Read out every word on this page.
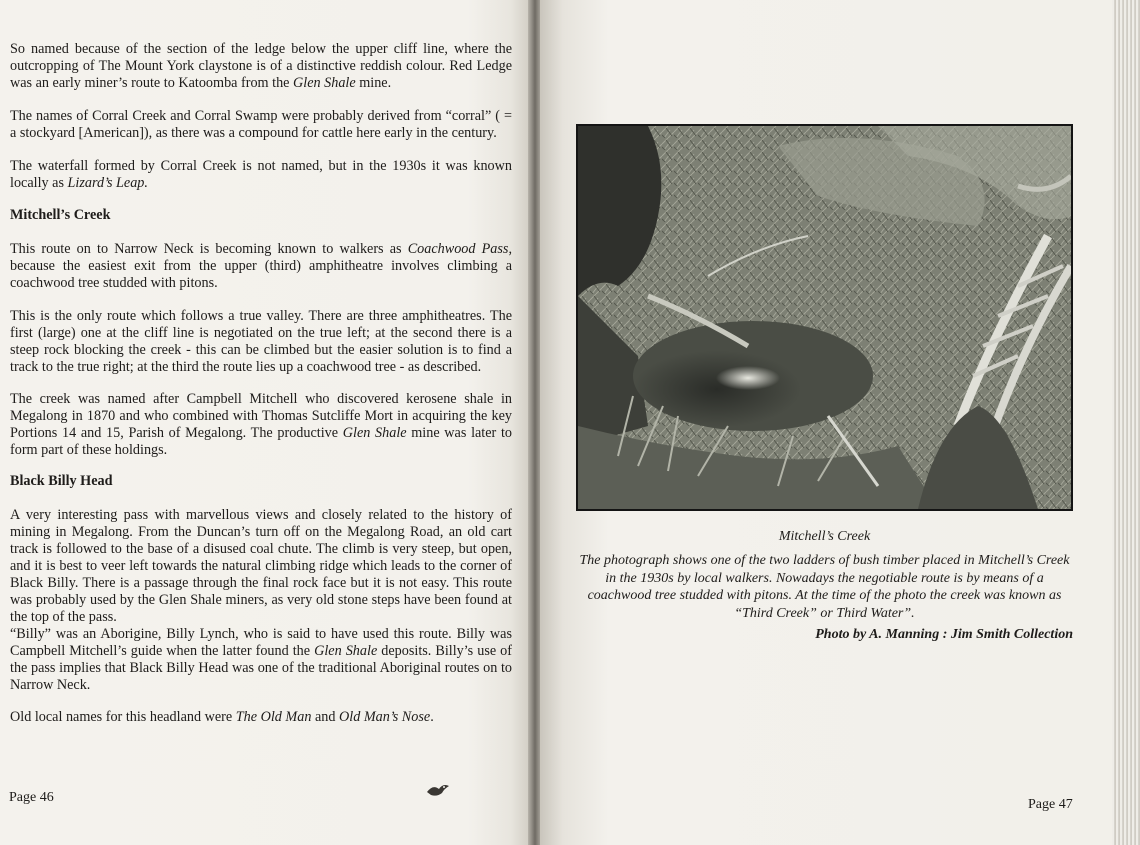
So named because of the section of the ledge below the upper cliff line, where the outcropping of The Mount York claystone is of a distinctive reddish colour. Red Ledge was an early miner’s route to Katoomba from the Glen Shale mine.

The names of Corral Creek and Corral Swamp were probably derived from “corral” ( = a stockyard [American]), as there was a compound for cattle here early in the century.

The waterfall formed by Corral Creek is not named, but in the 1930s it was known locally as Lizard’s Leap.

Mitchell’s Creek

This route on to Narrow Neck is becoming known to walkers as Coachwood Pass, because the easiest exit from the upper (third) amphitheatre involves climbing a coachwood tree studded with pitons.

This is the only route which follows a true valley. There are three amphitheatres. The first (large) one at the cliff line is negotiated on the true left; at the second there is a steep rock blocking the creek - this can be climbed but the easier solution is to find a track to the true right; at the third the route lies up a coachwood tree - as described.

The creek was named after Campbell Mitchell who discovered kerosene shale in Megalong in 1870 and who combined with Thomas Sutcliffe Mort in acquiring the key Portions 14 and 15, Parish of Megalong. The productive Glen Shale mine was later to form part of these holdings.

Black Billy Head

A very interesting pass with marvellous views and closely related to the history of mining in Megalong. From the Duncan’s turn off on the Megalong Road, an old cart track is followed to the base of a disused coal chute. The climb is very steep, but open, and it is best to veer left towards the natural climbing ridge which leads to the corner of Black Billy. There is a passage through the final rock face but it is not easy. This route was probably used by the Glen Shale miners, as very old stone steps have been found at the top of the pass.

“Billy” was an Aborigine, Billy Lynch, who is said to have used this route. Billy was Campbell Mitchell’s guide when the latter found the Glen Shale deposits. Billy’s use of the pass implies that Black Billy Head was one of the traditional Aboriginal routes on to Narrow Neck.

Old local names for this headland were The Old Man and Old Man’s Nose.

Page 46

Mitchell’s Creek

The photograph shows one of the two ladders of bush timber placed in Mitchell’s Creek in the 1930s by local walkers. Nowadays the negotiable route is by means of a coachwood tree studded with pitons. At the time of the photo the creek was known as “Third Creek” or Third Water”.

Photo by A. Manning : Jim Smith Collection

Page 47
